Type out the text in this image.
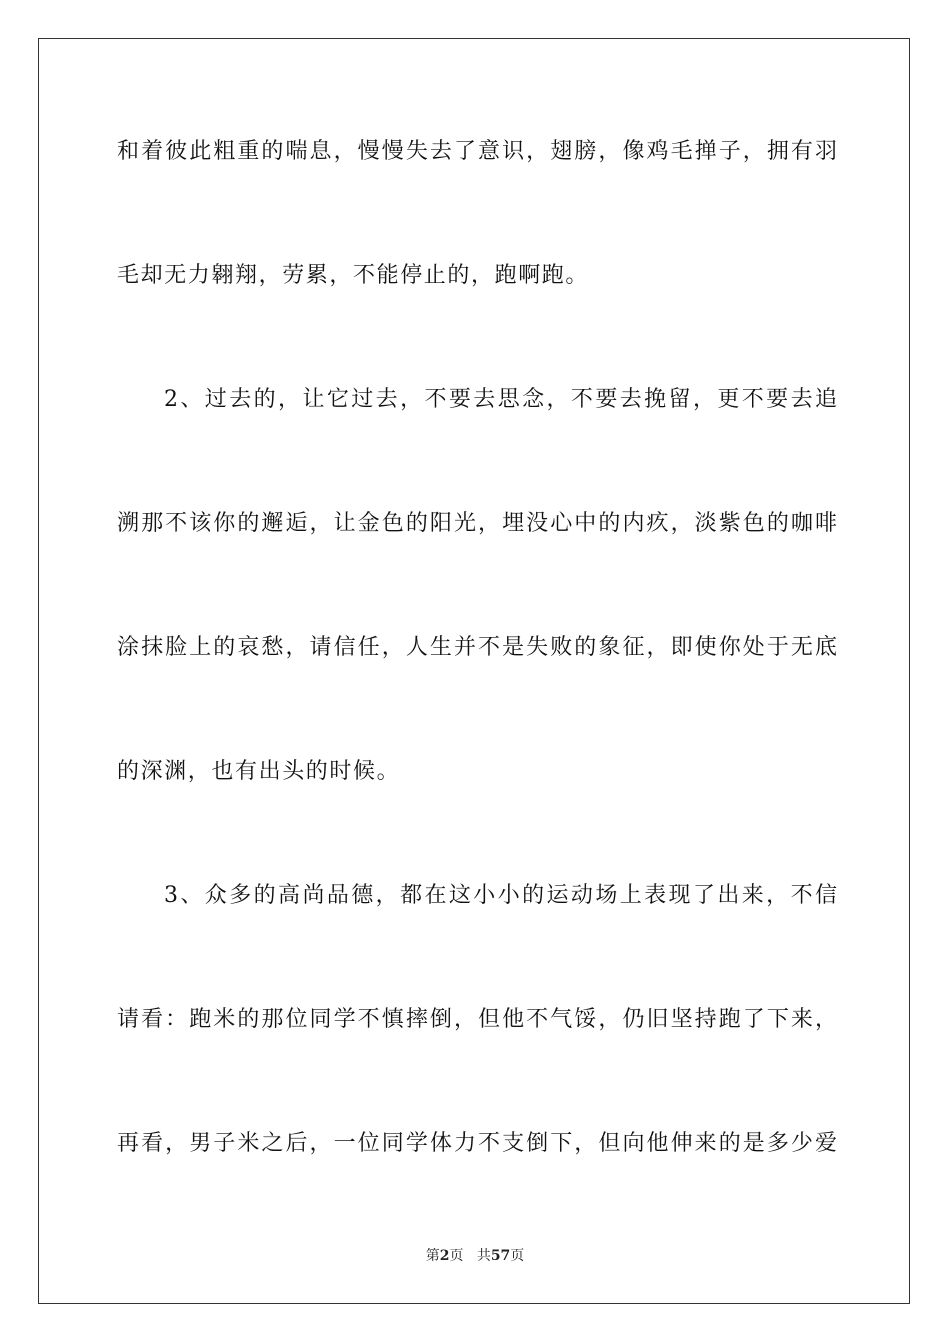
和着彼此粗重的喘息，慢慢失去了意识，翅膀，像鸡毛掸子，拥有羽
毛却无力翱翔，劳累，不能停止的，跑啊跑。
2、过去的，让它过去，不要去思念，不要去挽留，更不要去追
溯那不该你的邂逅，让金色的阳光，埋没心中的内疚，淡紫色的咖啡
涂抹脸上的哀愁，请信任，人生并不是失败的象征，即使你处于无底
的深渊，也有出头的时候。
3、众多的高尚品德，都在这小小的运动场上表现了出来，不信
请看：跑米的那位同学不慎摔倒，但他不气馁，仍旧坚持跑了下来，
再看，男子米之后，一位同学体力不支倒下，但向他伸来的是多少爱
第2页 共57页
